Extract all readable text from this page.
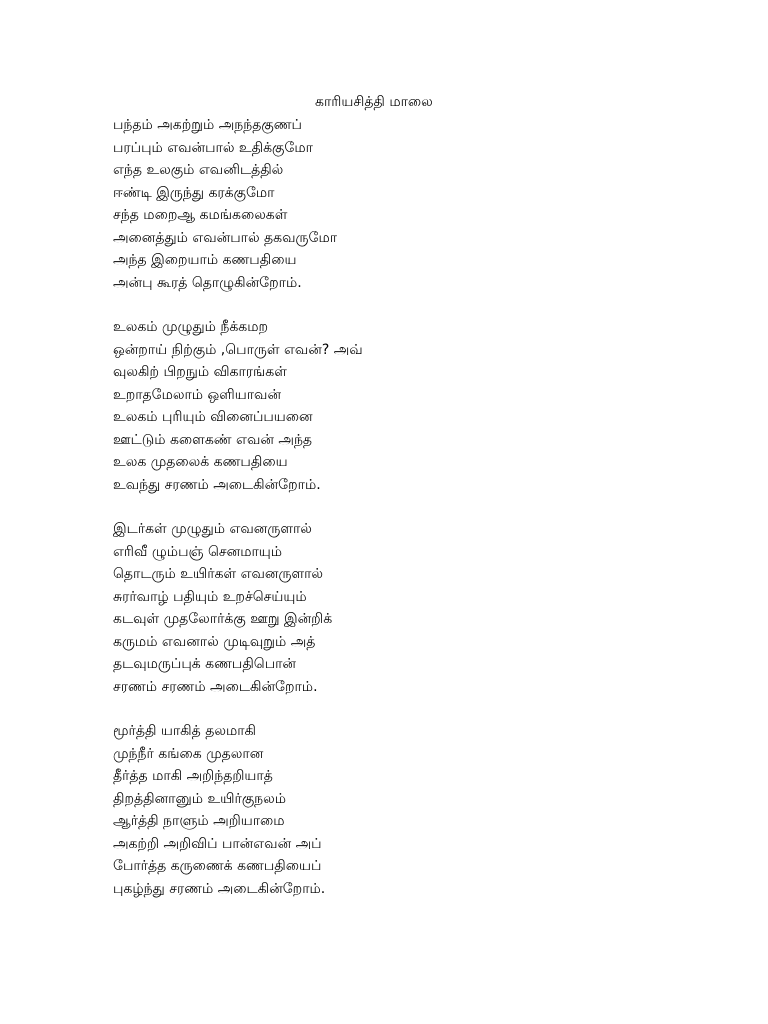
காரியசித்தி மாலை
பந்தம் அகற்றும் அநந்தகுணப்
பரப்பும் எவன்பால் உதிக்குமோ
எந்த உலகும் எவனிடத்தில்
ஈண்டி இருந்து கரக்குமோ
சந்த மறைஆ கமங்கலைகள்
அனைத்தும் எவன்பால் தகவருமோ
அந்த இறையாம் கணபதியை
அன்பு கூரத் தொழுகின்றோம்.
உலகம் முழுதும் நீக்கமற
ஒன்றாய் நிற்கும் ,பொருள் எவன்? அவ்
வுலகிற் பிறநும் விகாரங்கள்
உறாதமேலாம் ஒளியாவன்
உலகம் புரியும் வினைப்பயனை
ஊட்டும் களைகண் எவன் அந்த
உலக முதலைக் கணபதியை
உவந்து சரணம் அடைகின்றோம்.
இடர்கள் முழுதும் எவனருளால்
எரிவீ ழும்பஞ் செனமாயும்
தொடரும் உயிர்கள் எவனருளால்
சுரர்வாழ் பதியும் உறச்செய்யும்
கடவுள் முதலோர்க்கு ஊறு இன்றிக்
கருமம் எவனால் முடிவுறும் அத்
தடவுமருப்புக் கணபதிபொன்
சரணம் சரணம் அடைகின்றோம்.
மூர்த்தி யாகித் தலமாகி
முந்நீர் கங்கை முதலான
தீர்த்த மாகி அறிந்தறியாத்
திறத்தினானும் உயிர்குநலம்
ஆர்த்தி நாளும் அறியாமை
அகற்றி அறிவிப் பான்எவன் அப்
போர்த்த கருணைக் கணபதியைப்
புகழ்ந்து சரணம் அடைகின்றோம்.
